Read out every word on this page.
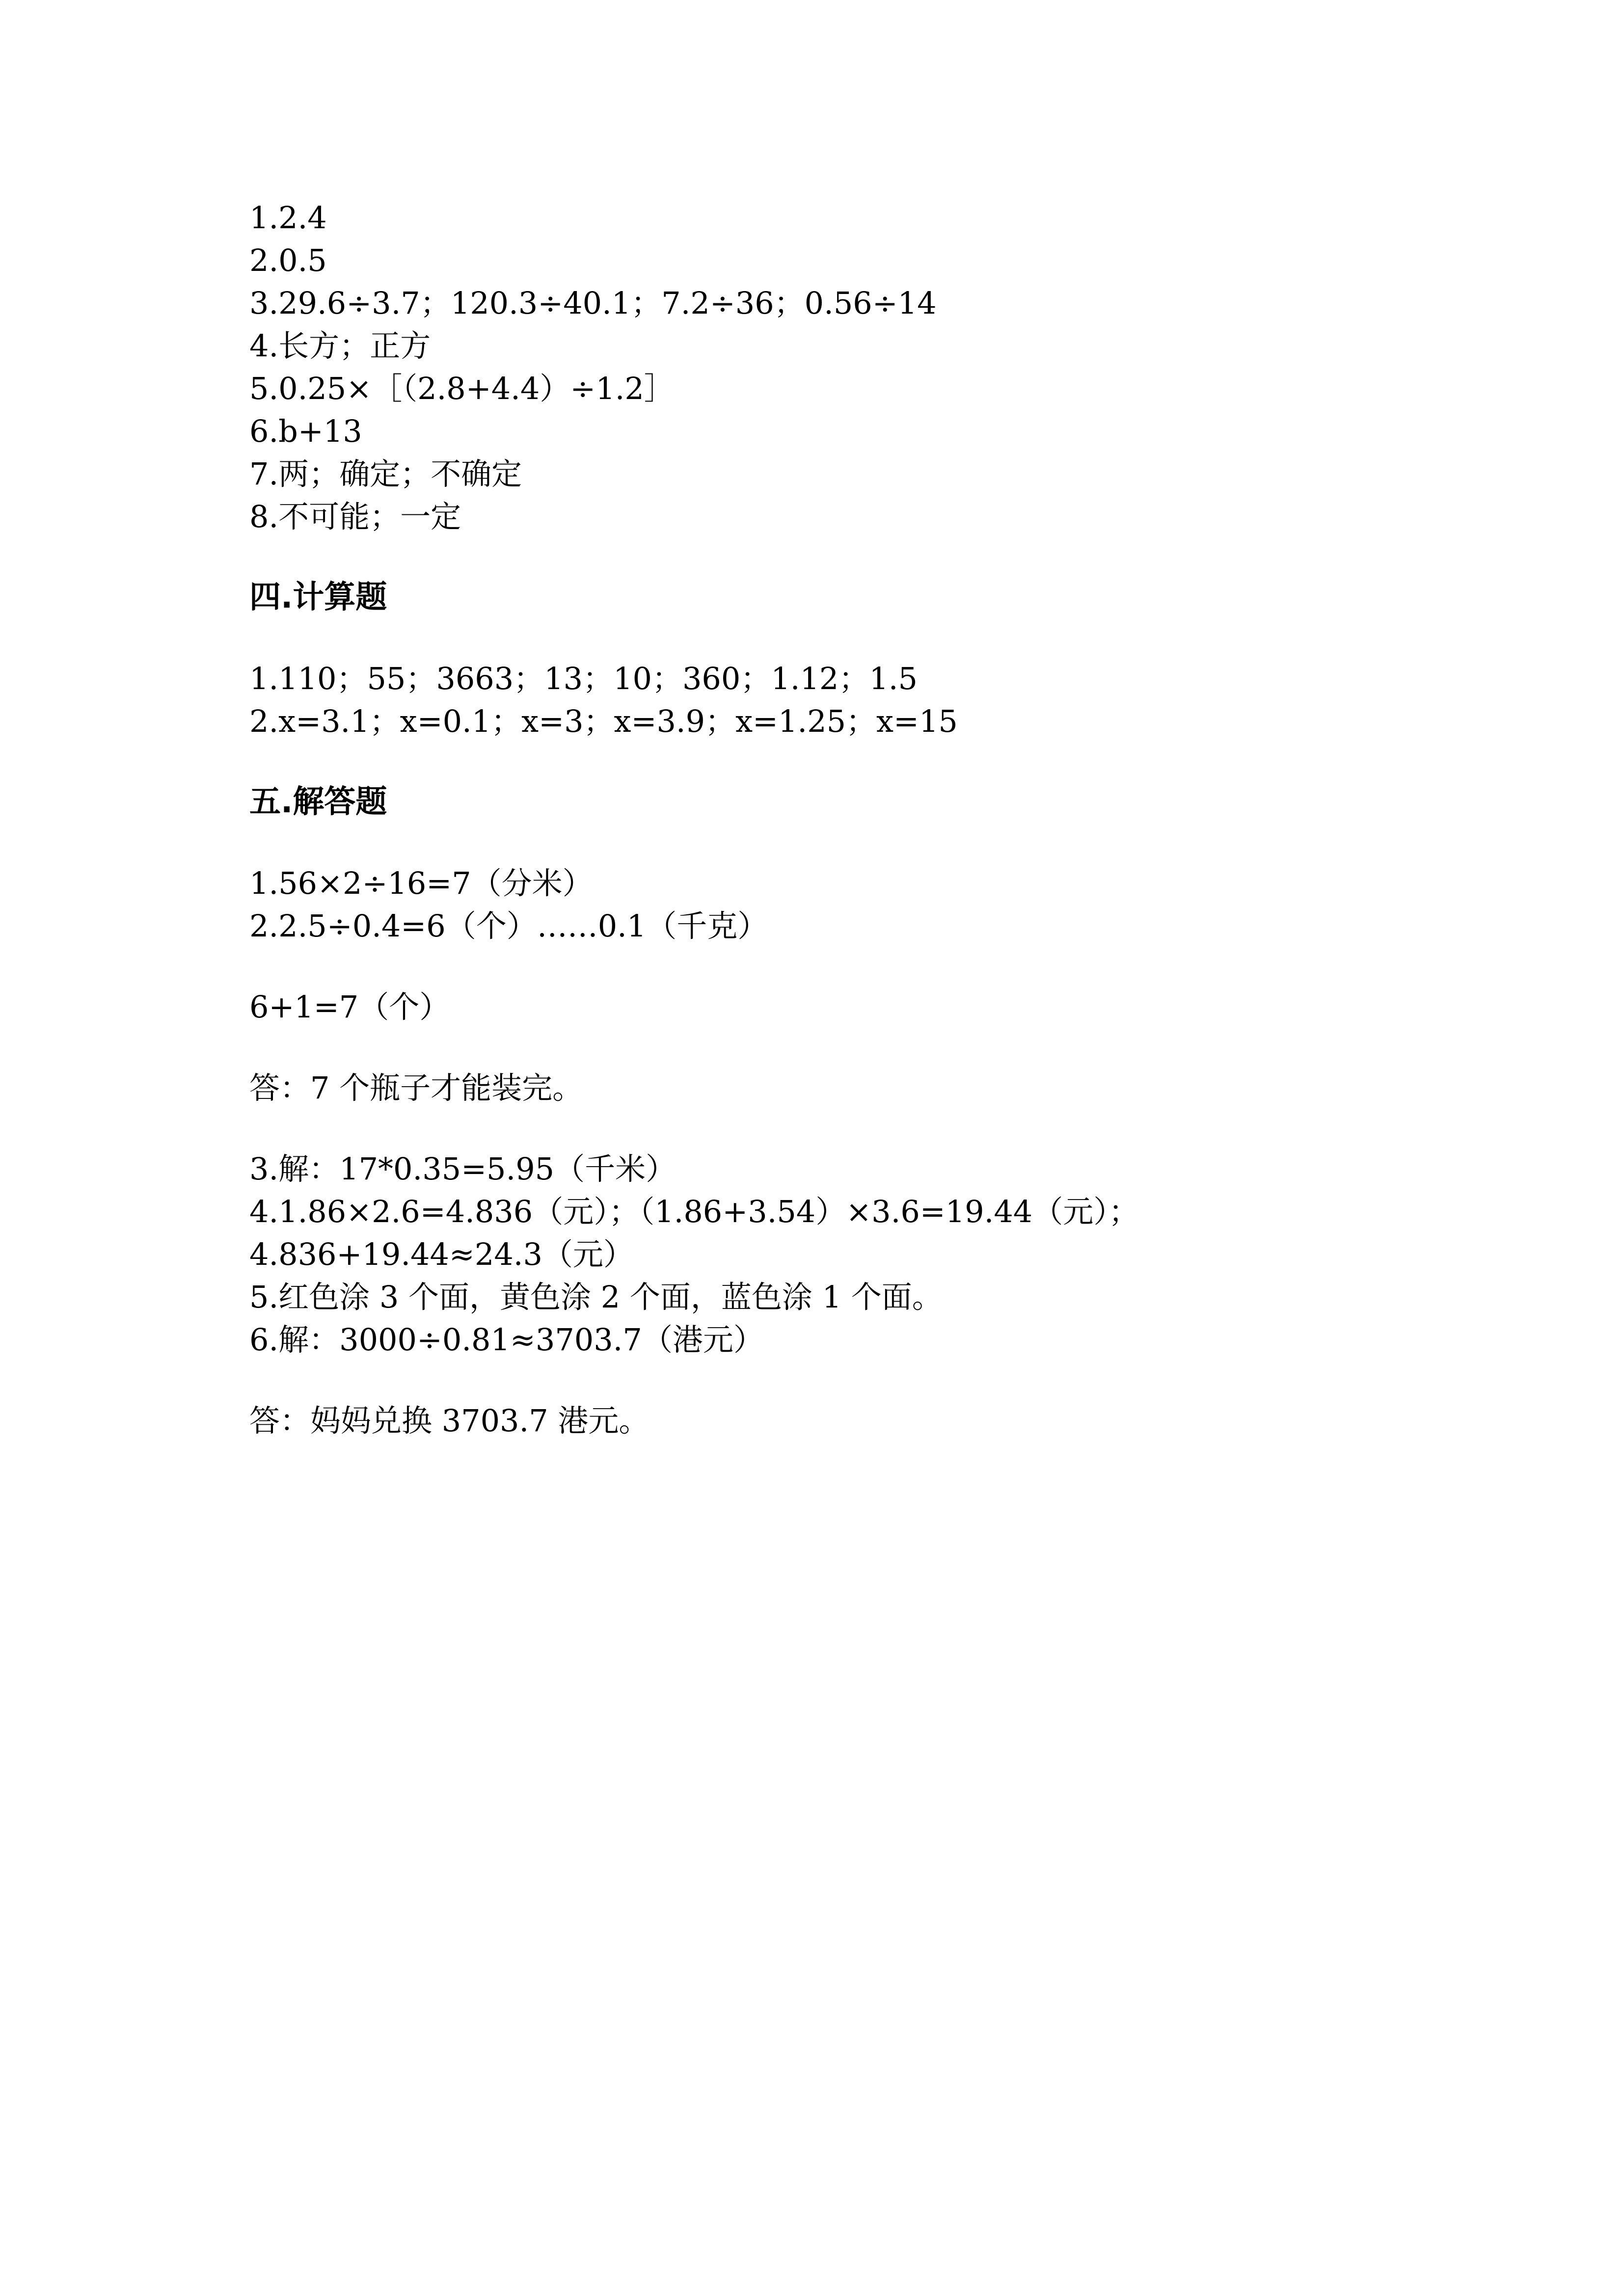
1.2.4
2.0.5
3.29.6÷3.7；120.3÷40.1；7.2÷36；0.56÷14
4.长方；正方
5.0.25×［（2.8+4.4）÷1.2］
6.b+13
7.两；确定；不确定
8.不可能；一定
四.计算题
1.110；55；3663；13；10；360；1.12；1.5
2.x=3.1；x=0.1；x=3；x=3.9；x=1.25；x=15
五.解答题
1.56×2÷16=7（分米）
2.2.5÷0.4=6（个）……0.1（千克）
6+1=7（个）
答：7 个瓶子才能装完。
3.解：17*0.35=5.95（千米）
4.1.86×2.6=4.836（元）；（1.86+3.54）×3.6=19.44（元）；
4.836+19.44≈24.3（元）
5.红色涂 3 个面，黄色涂 2 个面，蓝色涂 1 个面。
6.解：3000÷0.81≈3703.7（港元）
答：妈妈兑换 3703.7 港元。
